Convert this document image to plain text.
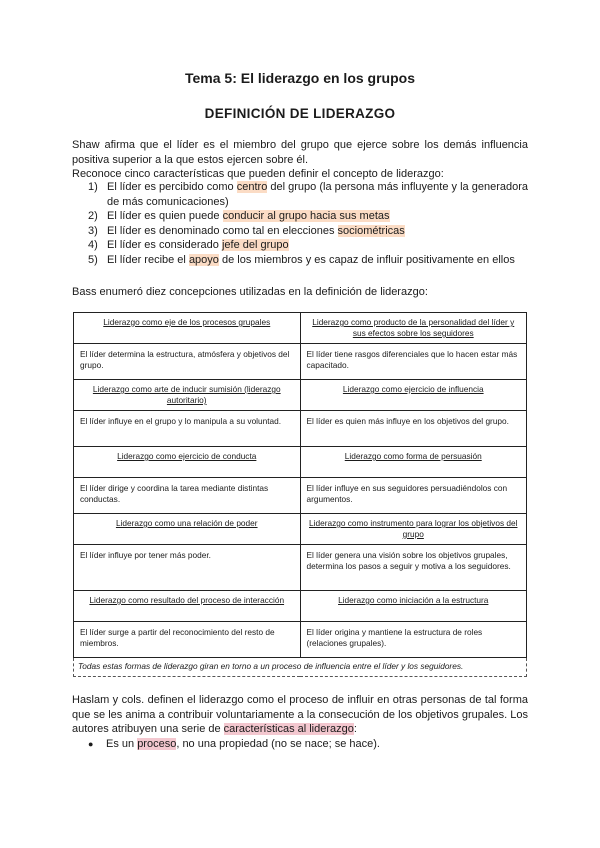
Tema 5: El liderazgo en los grupos
DEFINICIÓN DE LIDERAZGO
Shaw afirma que el líder es el miembro del grupo que ejerce sobre los demás influencia positiva superior a la que estos ejercen sobre él.
Reconoce cinco características que pueden definir el concepto de liderazgo:
1) El líder es percibido como centro del grupo (la persona más influyente y la generadora de más comunicaciones)
2) El líder es quien puede conducir al grupo hacia sus metas
3) El líder es denominado como tal en elecciones sociométricas
4) El líder es considerado jefe del grupo
5) El líder recibe el apoyo de los miembros y es capaz de influir positivamente en ellos
Bass enumeró diez concepciones utilizadas en la definición de liderazgo:
Liderazgo como eje de los procesos grupales	Liderazgo como producto de la personalidad del líder y sus efectos sobre los seguidores
El líder determina la estructura, atmósfera y objetivos del grupo.	El líder tiene rasgos diferenciales que lo hacen estar más capacitado.
Liderazgo como arte de inducir sumisión (liderazgo autoritario)	Liderazgo como ejercicio de influencia
El líder influye en el grupo y lo manipula a su voluntad.	El líder es quien más influye en los objetivos del grupo.
Liderazgo como ejercicio de conducta	Liderazgo como forma de persuasión
El líder dirige y coordina la tarea mediante distintas conductas.	El líder influye en sus seguidores persuadiéndolos con argumentos.
Liderazgo como una relación de poder	Liderazgo como instrumento para lograr los objetivos del grupo
El líder influye por tener más poder.	El líder genera una visión sobre los objetivos grupales, determina los pasos a seguir y motiva a los seguidores.
Liderazgo como resultado del proceso de interacción	Liderazgo como iniciación a la estructura
El líder surge a partir del reconocimiento del resto de miembros.	El líder origina y mantiene la estructura de roles (relaciones grupales).
Todas estas formas de liderazgo giran en torno a un proceso de influencia entre el líder y los seguidores.	
Haslam y cols. definen el liderazgo como el proceso de influir en otras personas de tal forma que se les anima a contribuir voluntariamente a la consecución de los objetivos grupales. Los autores atribuyen una serie de características al liderazgo:
● Es un proceso, no una propiedad (no se nace; se hace).
